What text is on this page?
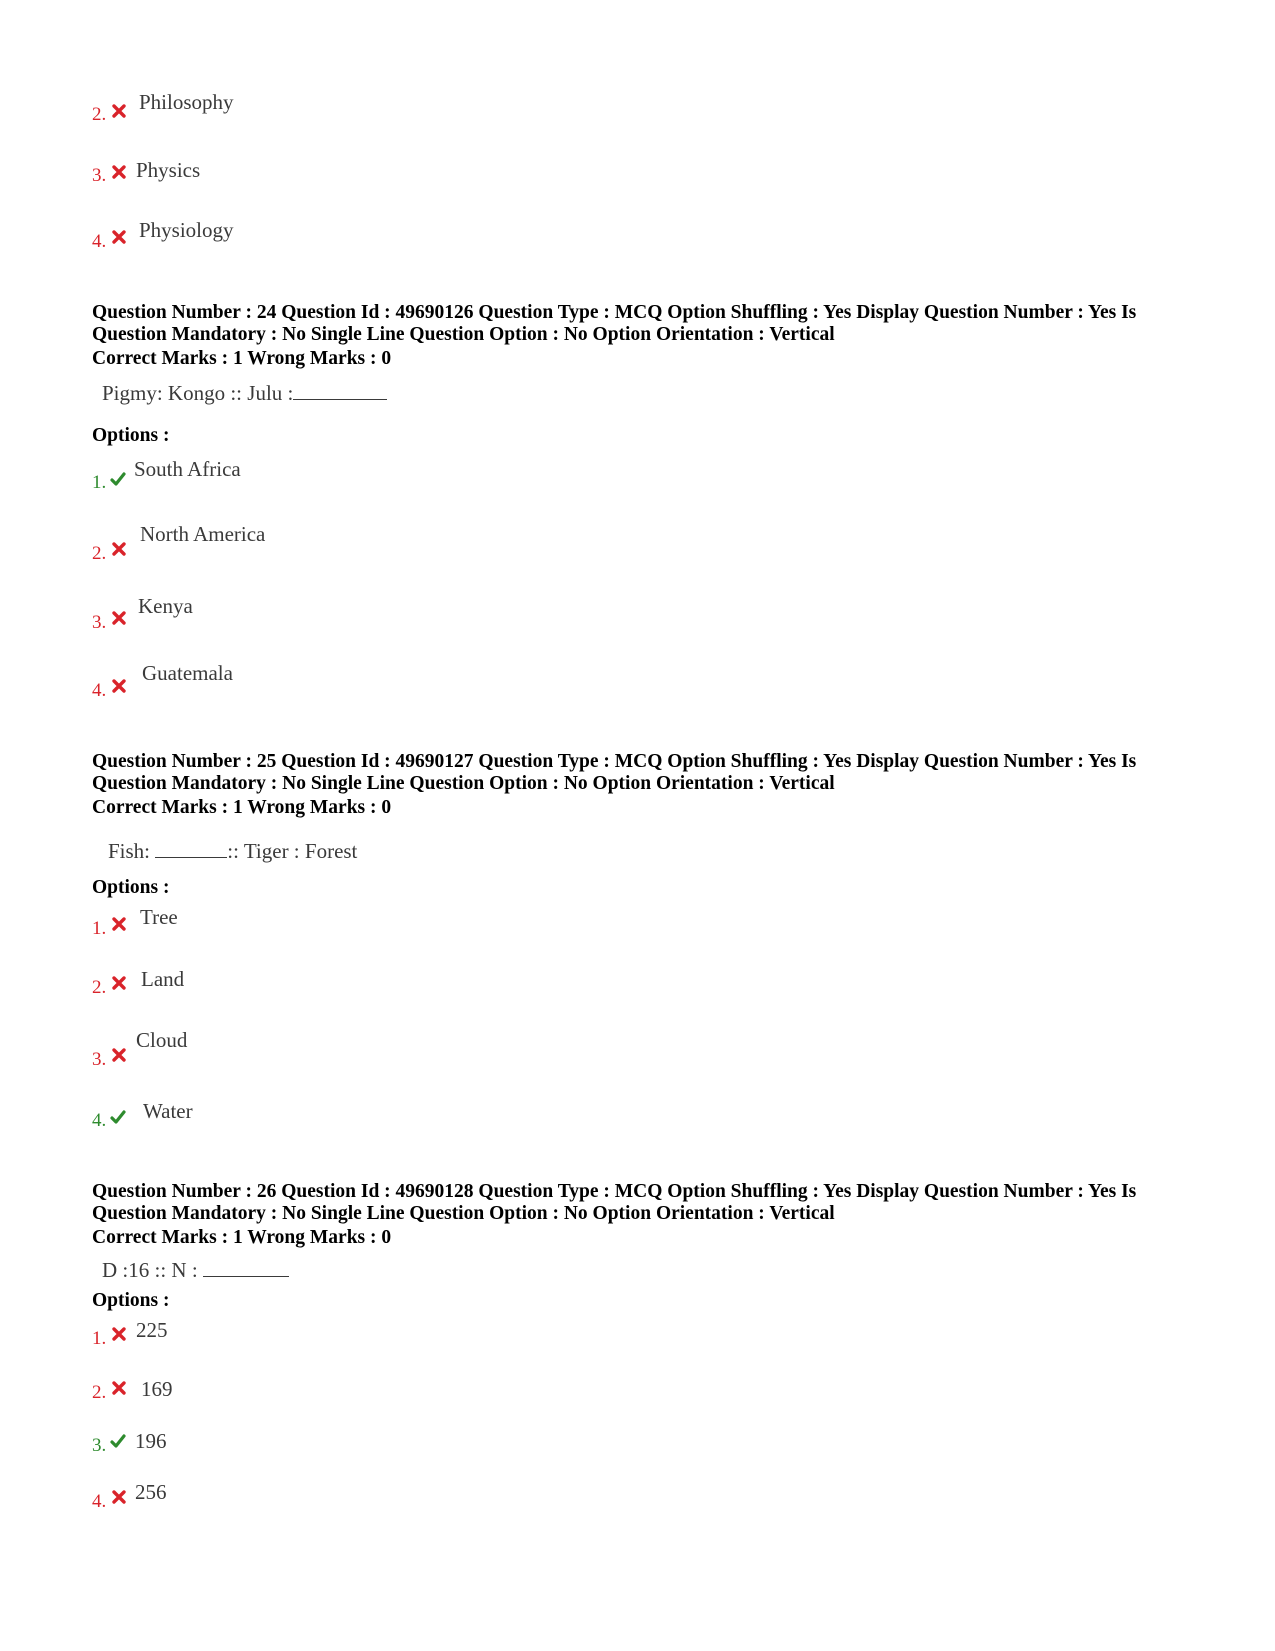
2.
Philosophy
3. Physics
4. Physiology
Question Number : 24 Question Id : 49690126 Question Type : MCQ Option Shuffling : Yes Display Question Number : Yes Is
Question Mandatory : No Single Line Question Option : No Option Orientation : Vertical
Correct Marks : 1 Wrong Marks : 0
Pigmy: Kongo :: Julu :
Options :
1.
South Africa
2.
North America
3.
Kenya
4.
Guatemala
Question Number : 25 Question Id : 49690127 Question Type : MCQ Option Shuffling : Yes Display Question Number : Yes Is
Question Mandatory : No Single Line Question Option : No Option Orientation : Vertical
Correct Marks : 1 Wrong Marks : 0
Fish:	:: Tiger : Forest
Options :
1. Tree
2. Land
3.
Cloud
4. Water
Question Number : 26 Question Id : 49690128 Question Type : MCQ Option Shuffling : Yes Display Question Number : Yes Is
Question Mandatory : No Single Line Question Option : No Option Orientation : Vertical
Correct Marks : 1 Wrong Marks : 0
D :16 :: N :
Options :
1. 225
2. 169
3. 196
4. 256
